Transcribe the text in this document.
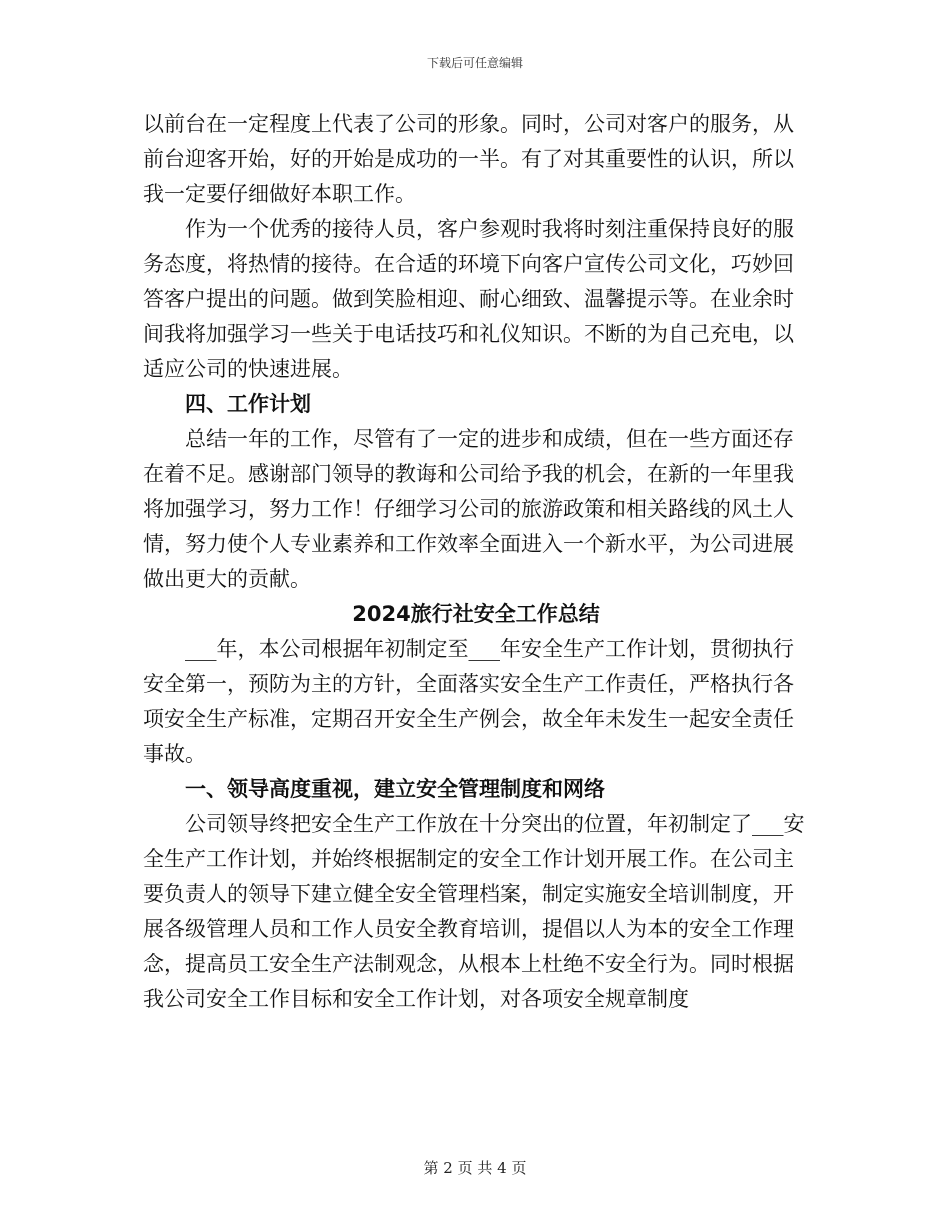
下载后可任意编辑

以前台在一定程度上代表了公司的形象。同时，公司对客户的服务，从前台迎客开始，好的开始是成功的一半。有了对其重要性的认识，所以我一定要仔细做好本职工作。

作为一个优秀的接待人员，客户参观时我将时刻注重保持良好的服务态度，将热情的接待。在合适的环境下向客户宣传公司文化，巧妙回答客户提出的问题。做到笑脸相迎、耐心细致、温馨提示等。在业余时间我将加强学习一些关于电话技巧和礼仪知识。不断的为自己充电，以适应公司的快速进展。

四、工作计划

总结一年的工作，尽管有了一定的进步和成绩，但在一些方面还存在着不足。感谢部门领导的教诲和公司给予我的机会，在新的一年里我将加强学习，努力工作！仔细学习公司的旅游政策和相关路线的风土人情，努力使个人专业素养和工作效率全面进入一个新水平，为公司进展做出更大的贡献。

2024旅行社安全工作总结

___年，本公司根据年初制定至___年安全生产工作计划，贯彻执行安全第一，预防为主的方针，全面落实安全生产工作责任，严格执行各项安全生产标准，定期召开安全生产例会，故全年未发生一起安全责任事故。

一、领导高度重视，建立安全管理制度和网络

公司领导终把安全生产工作放在十分突出的位置，年初制定了___安全生产工作计划，并始终根据制定的安全工作计划开展工作。在公司主要负责人的领导下建立健全安全管理档案，制定实施安全培训制度，开展各级管理人员和工作人员安全教育培训，提倡以人为本的安全工作理念，提高员工安全生产法制观念，从根本上杜绝不安全行为。同时根据我公司安全工作目标和安全工作计划，对各项安全规章制度

第 2 页 共 4 页
